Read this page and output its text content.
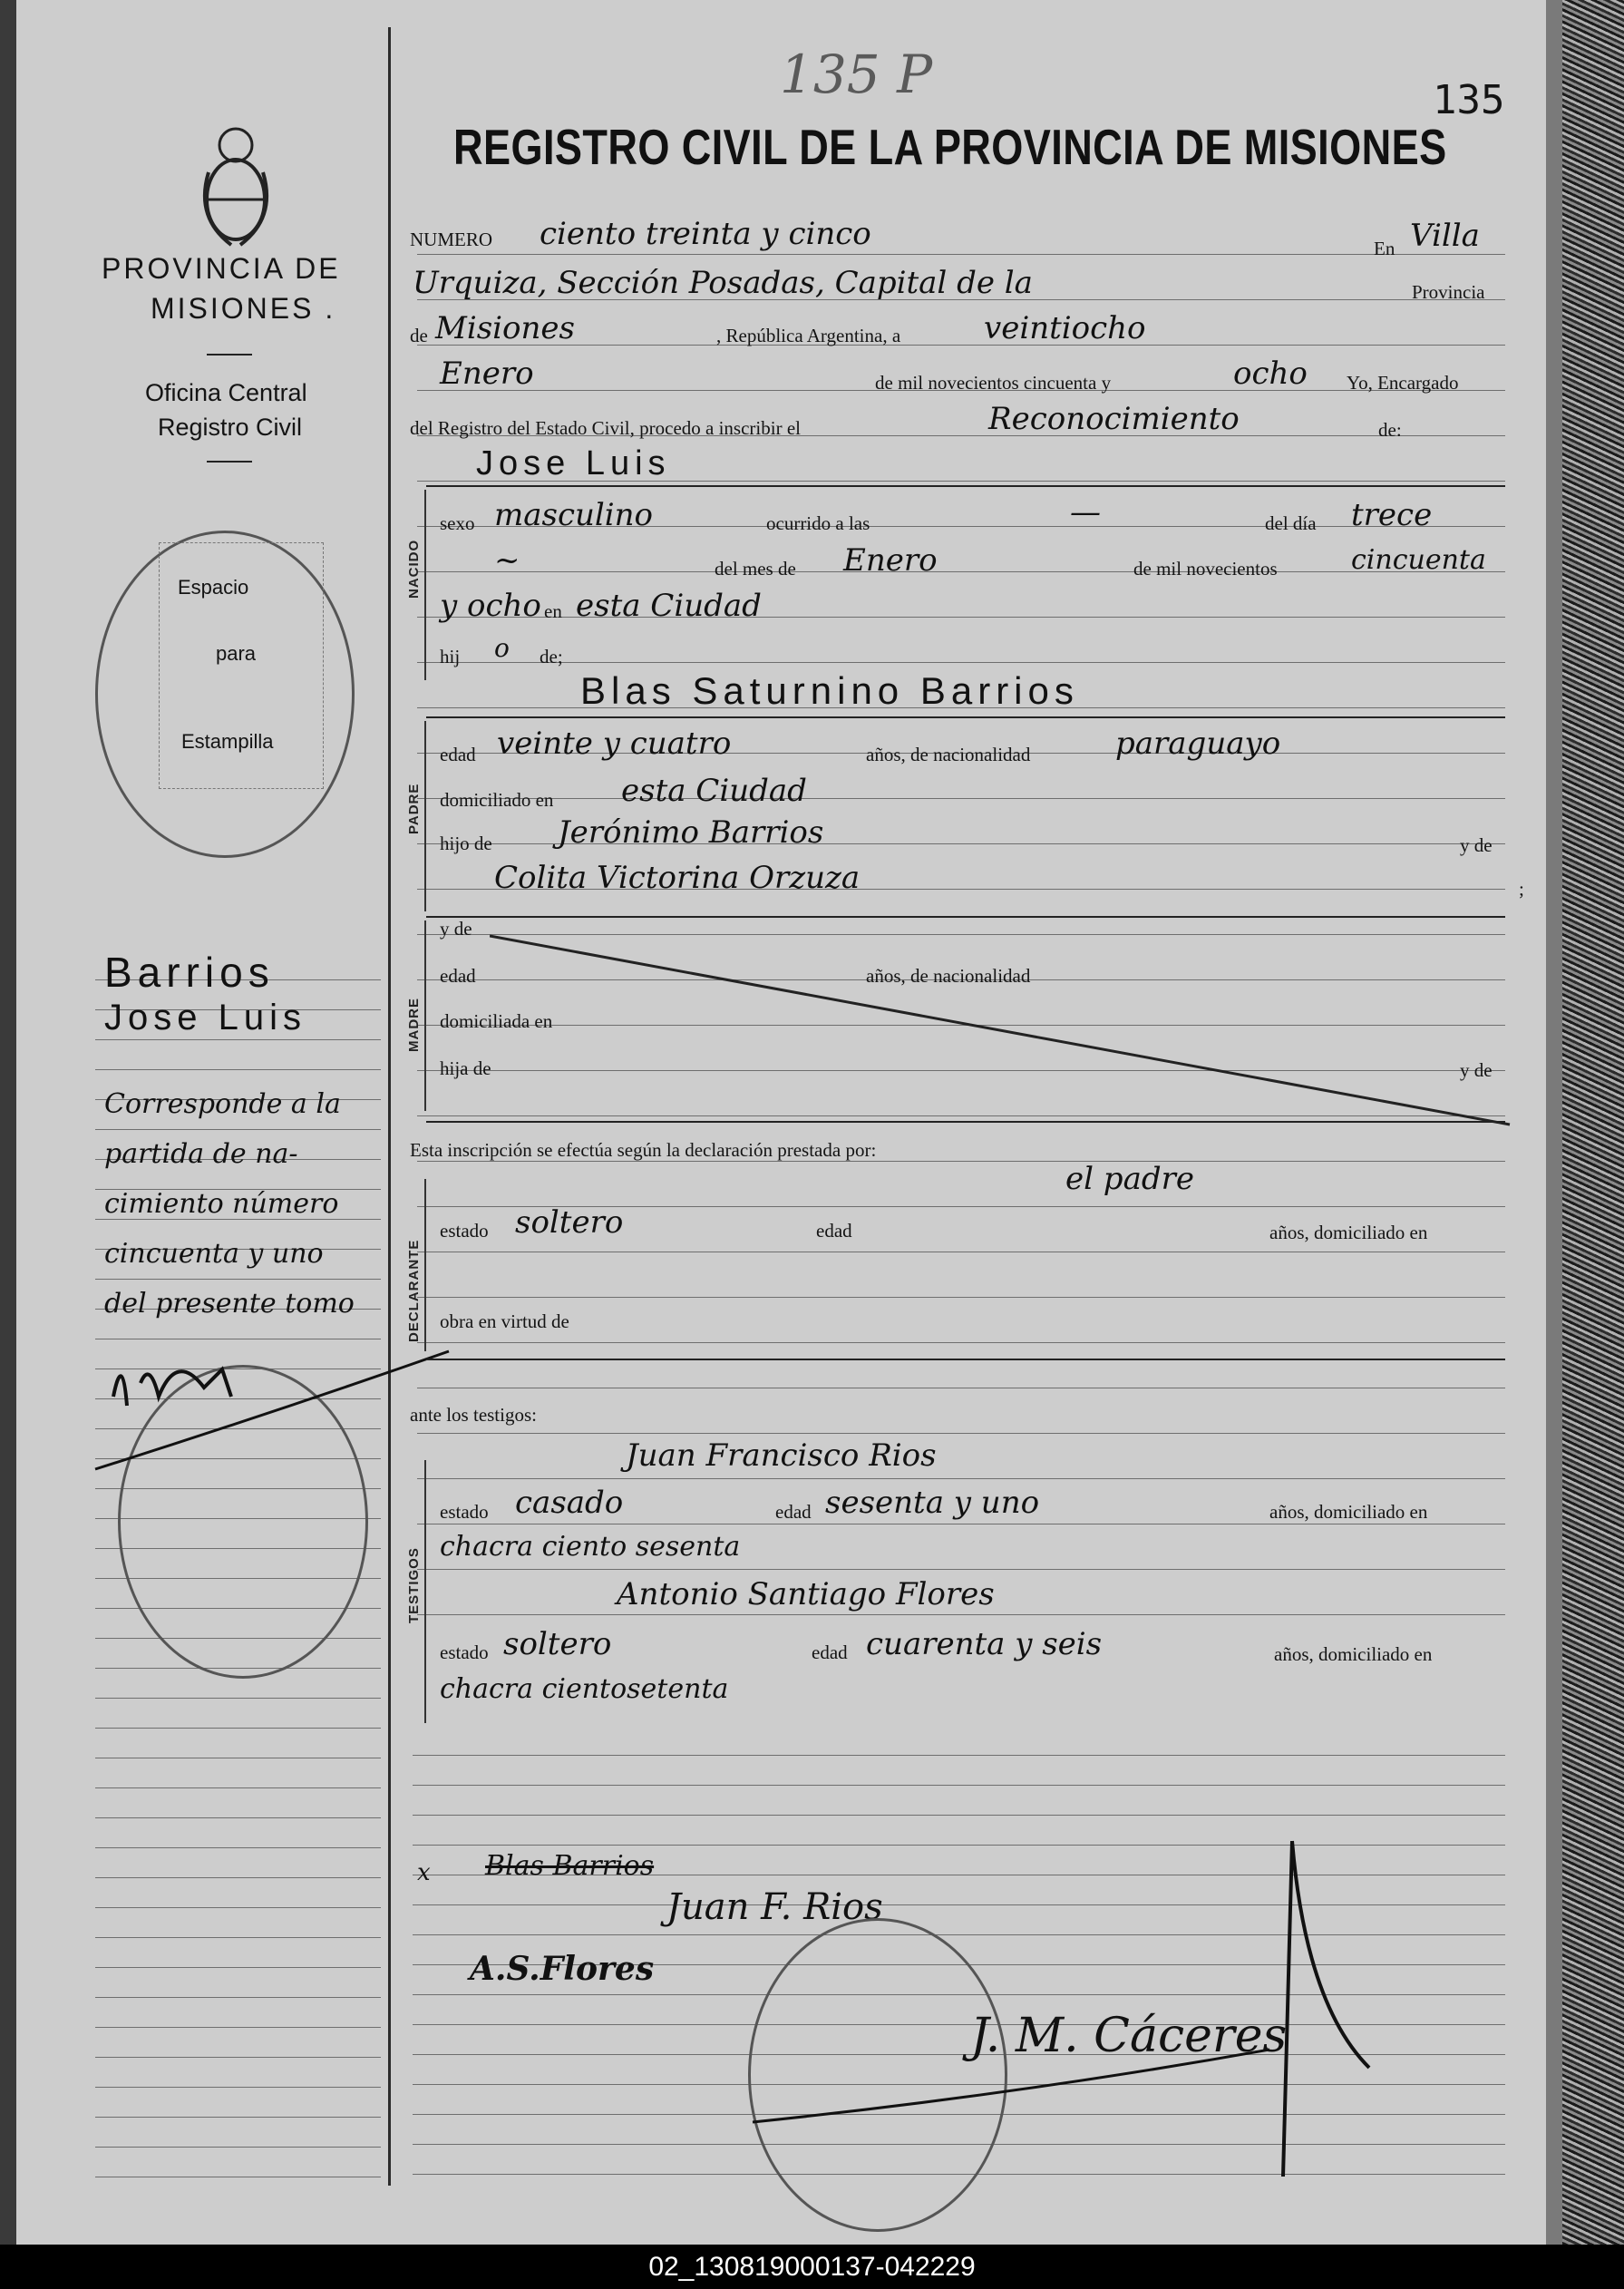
135 P	135
REGISTRO CIVIL DE LA PROVINCIA DE MISIONES
PROVINCIA DE
MISIONES .
Oficina Central
Registro Civil
Espacio
para
Estampilla
Barrios
Jose Luis
Corresponde a la
partida de na-
cimiento número
cincuenta y uno
del presente tomo
NUMERO ciento treinta y cinco	En Villa
Urquiza, Sección Posadas, Capital de la	Provincia
de Misiones	, República Argentina, a	veintiocho
Enero	de mil novecientos cincuenta y	ocho Yo, Encargado
del Registro del Estado Civil, procedo a inscribir el	Reconocimiento	de:
Jose Luis
NACIDO
sexo masculino	ocurrido a las	—	del día trece
~	del mes de Enero	de mil novecientos	cincuenta
y ocho en esta Ciudad
hij o de;
Blas Saturnino Barrios
PADRE
edad veinte y cuatro	años, de nacionalidad	paraguayo
domiciliado en esta Ciudad
hijo de Jerónimo Barrios	y de
Colita Victorina Orzuza	;
MADRE
y de
edad	años, de nacionalidad
domiciliada en
hija de	y de
Esta inscripción se efectúa según la declaración prestada por:
el padre
DECLARANTE
estado soltero	edad	años, domiciliado en
obra en virtud de
ante los testigos:
Juan Francisco Rios
TESTIGOS
estado casado	edad sesenta y uno	años, domiciliado en
chacra ciento sesenta
Antonio Santiago Flores
estado soltero	edad cuarenta y seis	años, domiciliado en
chacra cientosetenta
x Blas Barrios
Juan F. Rios
A.S.Flores
J. M. Cáceres
02_130819000137-042229
